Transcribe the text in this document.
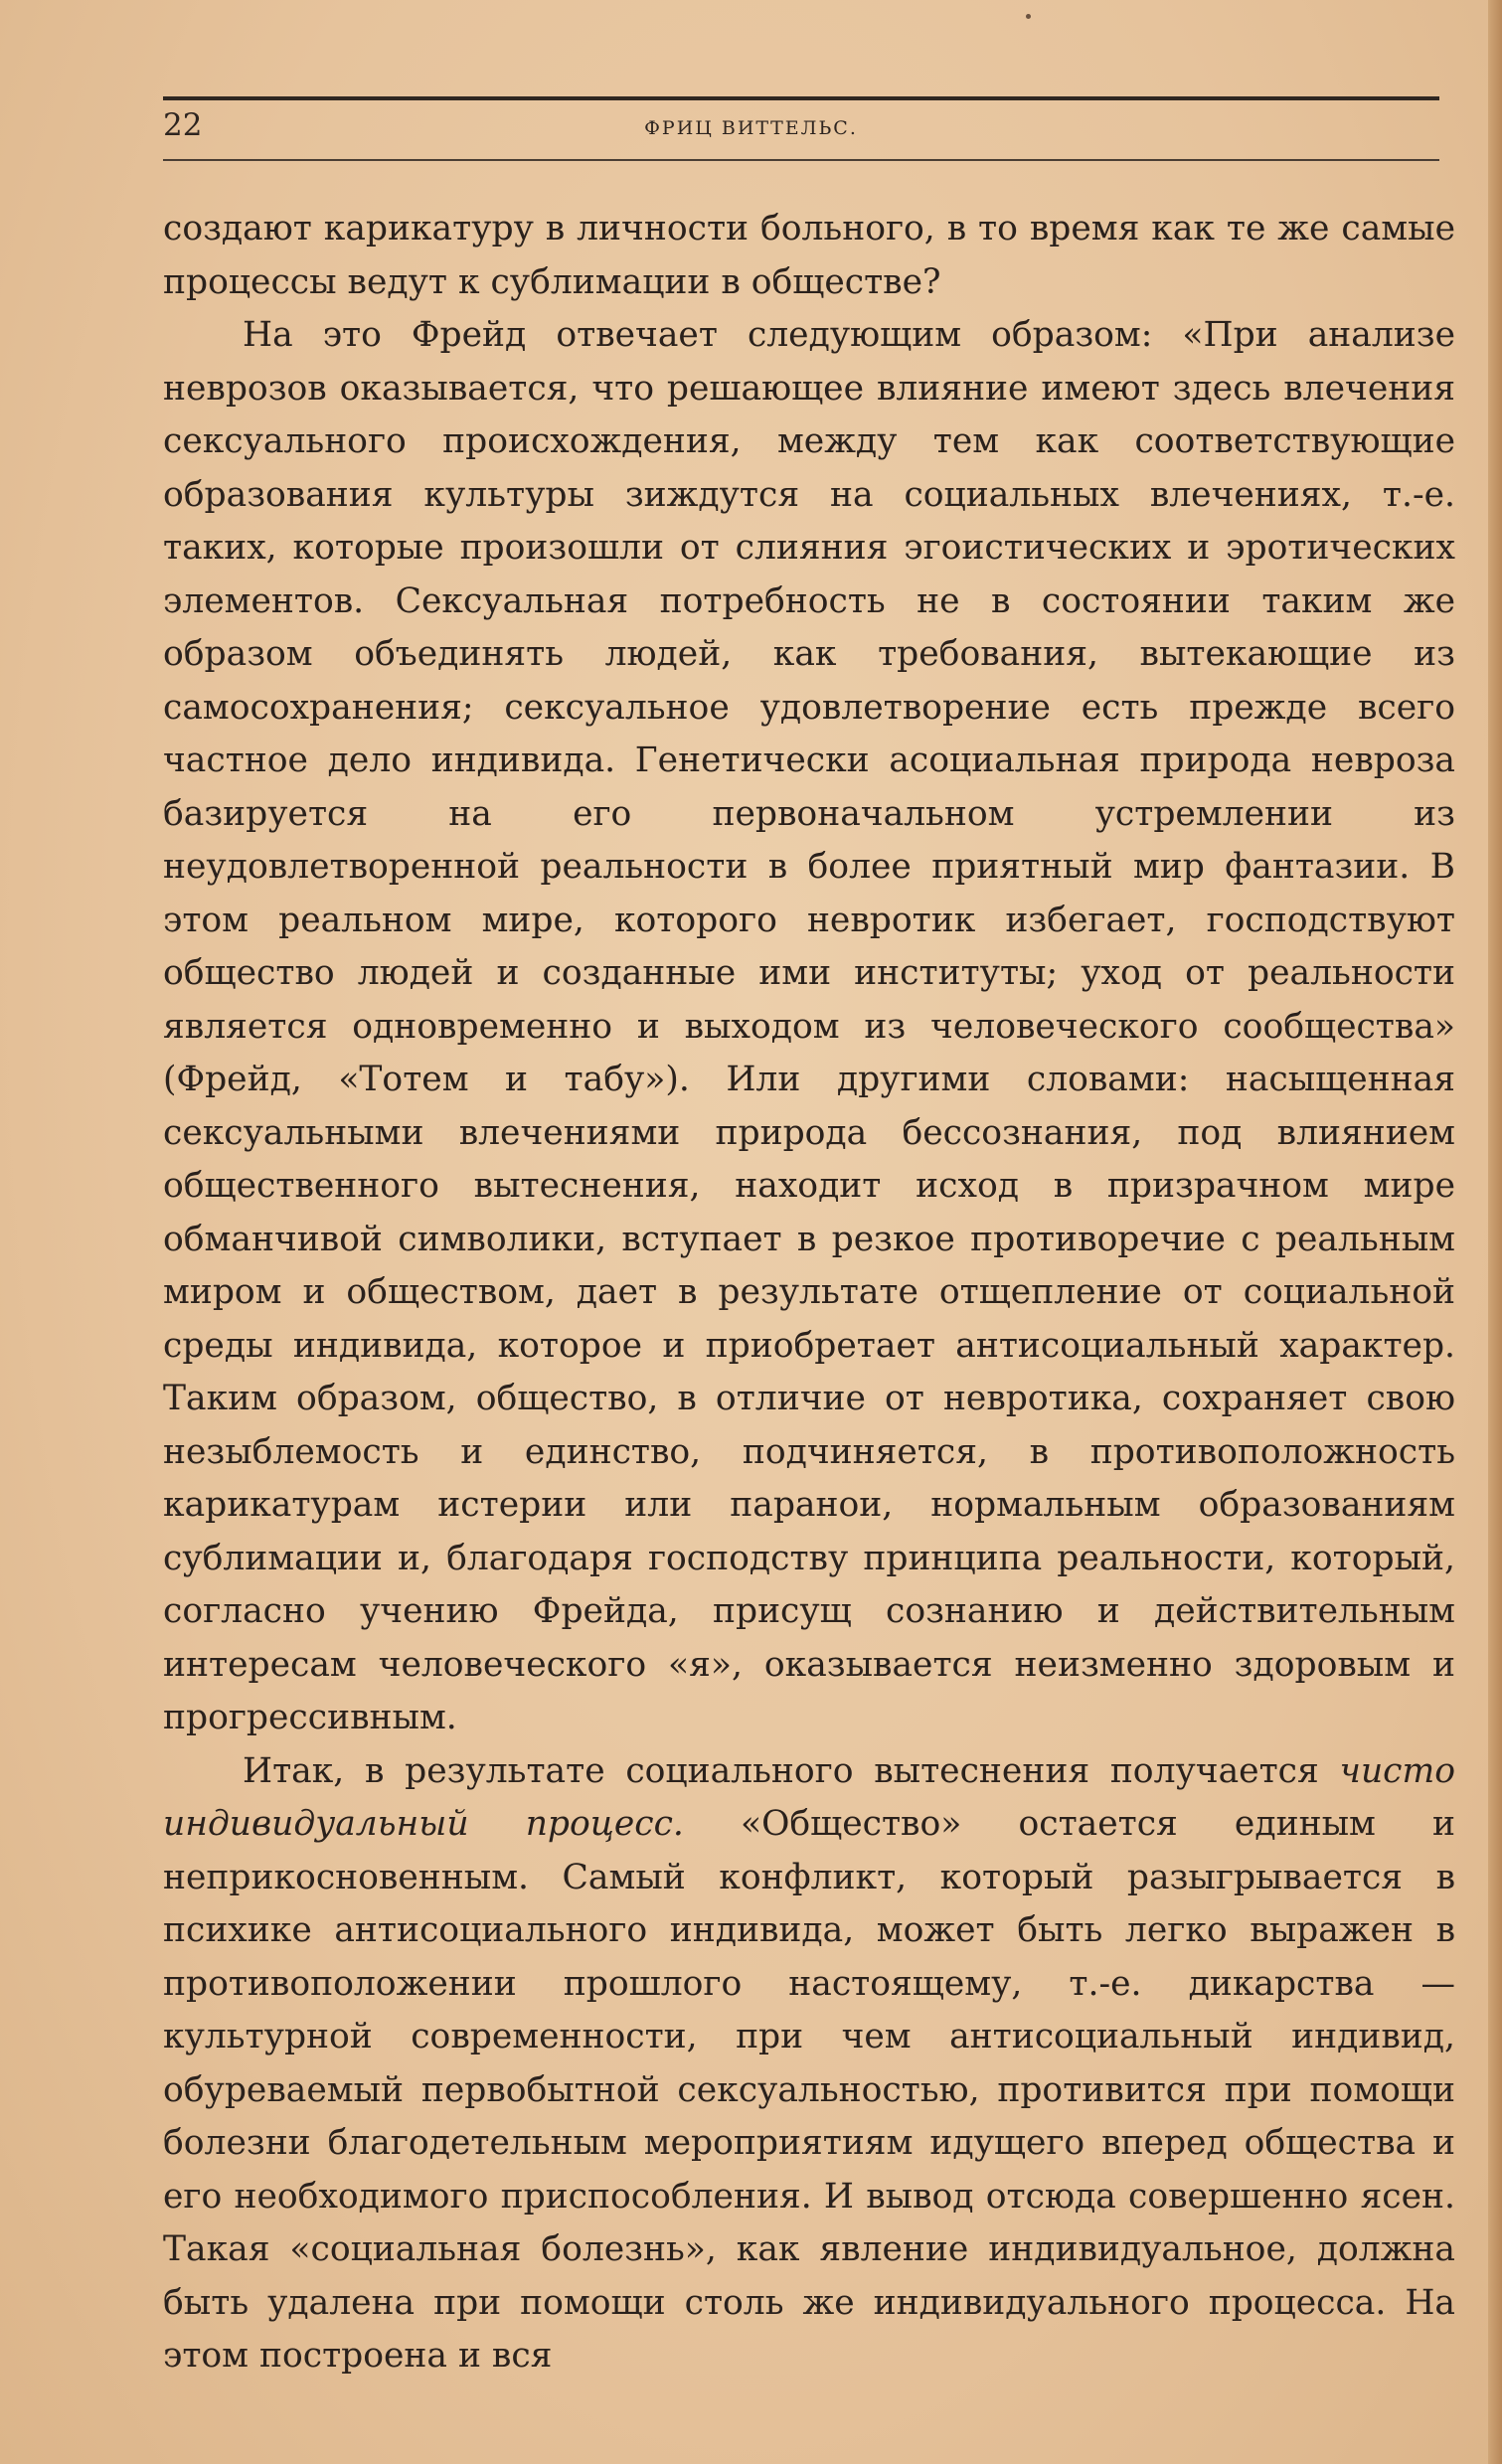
22	ФРИЦ ВИТТЕЛЬС.

создают карикатуру в личности больного, в то время как те же самые процессы ведут к сублимации в обществе?

На это Фрейд отвечает следующим образом: «При анализе неврозов оказывается, что решающее влияние имеют здесь влечения сексуального происхождения, между тем как соответствующие образования культуры зиждутся на социальных влечениях, т.-е. таких, которые произошли от слияния эгоистических и эротических элементов. Сексуальная потребность не в состоянии таким же образом объединять людей, как требования, вытекающие из самосохранения; сексуальное удовлетворение есть прежде всего частное дело индивида. Генетически асоциальная природа невроза базируется на его первоначальном устремлении из неудовлетворенной реальности в более приятный мир фантазии. В этом реальном мире, которого невротик избегает, господствуют общество людей и созданные ими институты; уход от реальности является одновременно и выходом из человеческого сообщества» (Фрейд, «Тотем и табу»). Или другими словами: насыщенная сексуальными влечениями природа бессознания, под влиянием общественного вытеснения, находит исход в призрачном мире обманчивой символики, вступает в резкое противоречие с реальным миром и обществом, дает в результате отщепление от социальной среды индивида, которое и приобретает антисоциальный характер. Таким образом, общество, в отличие от невротика, сохраняет свою незыблемость и единство, подчиняется, в противоположность карикатурам истерии или паранои, нормальным образованиям сублимации и, благодаря господству принципа реальности, который, согласно учению Фрейда, присущ сознанию и действительным интересам человеческого «я», оказывается неизменно здоровым и прогрессивным.

Итак, в результате социального вытеснения получается чисто индивидуальный процесс. «Общество» остается единым и неприкосновенным. Самый конфликт, который разыгрывается в психике антисоциального индивида, может быть легко выражен в противоположении прошлого настоящему, т.-е. дикарства — культурной современности, при чем антисоциальный индивид, обуреваемый первобытной сексуальностью, противится при помощи болезни благодетельным мероприятиям идущего вперед общества и его необходимого приспособления. И вывод отсюда совершенно ясен. Такая «социальная болезнь», как явление индивидуальное, должна быть удалена при помощи столь же индивидуального процесса. На этом построена и вся
